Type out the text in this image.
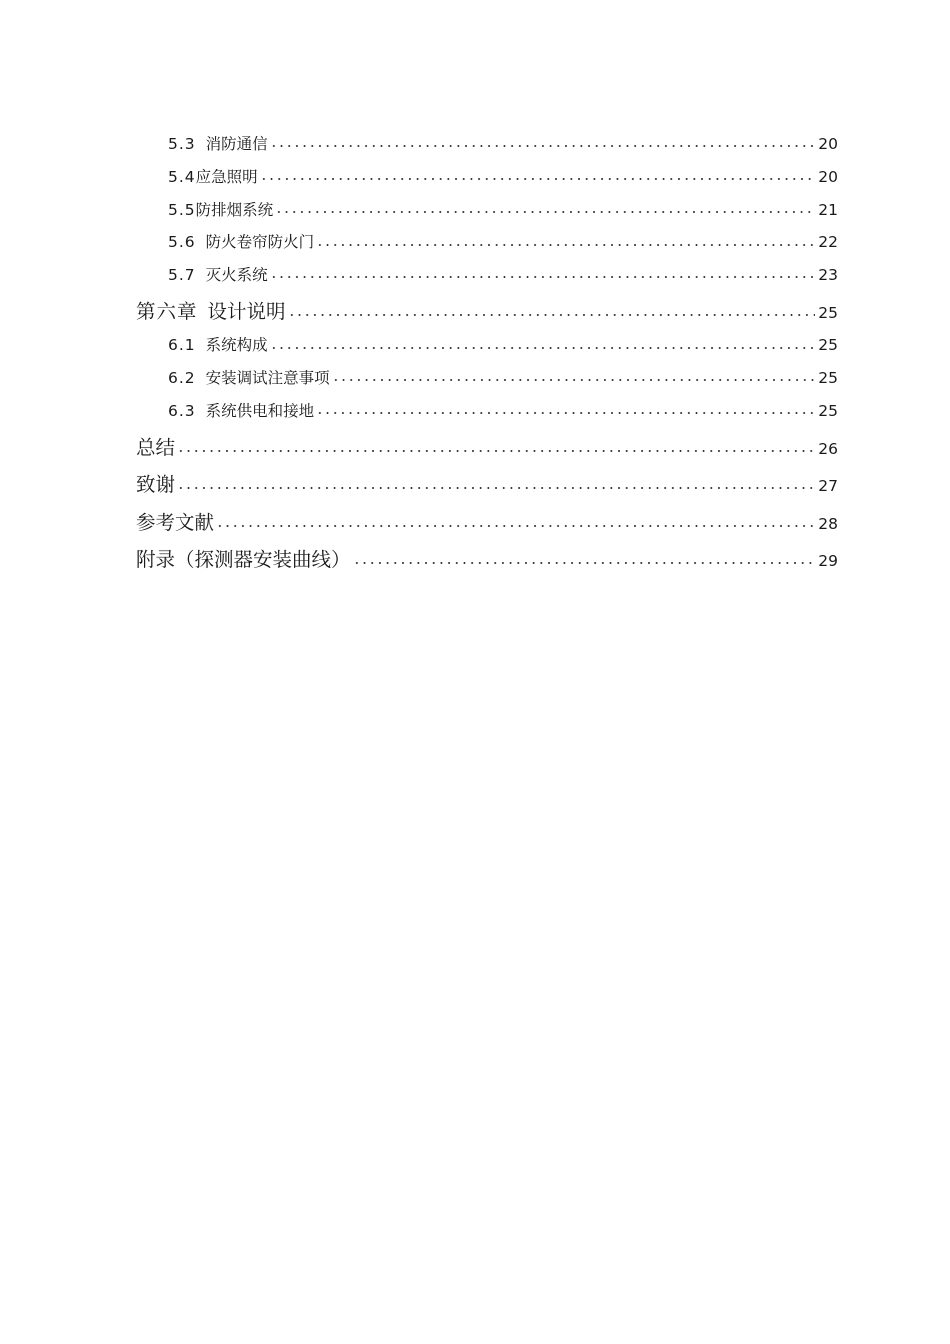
5.3 消防通信	20
5.4 应急照明	20
5.5 防排烟系统	21
5.6 防火卷帘防火门	22
5.7 灭火系统	23
第六章 设计说明	25
6.1 系统构成	25
6.2 安装调试注意事项	25
6.3 系统供电和接地	25
总结	26
致谢	27
参考文献	28
附录（探测器安装曲线）	29
